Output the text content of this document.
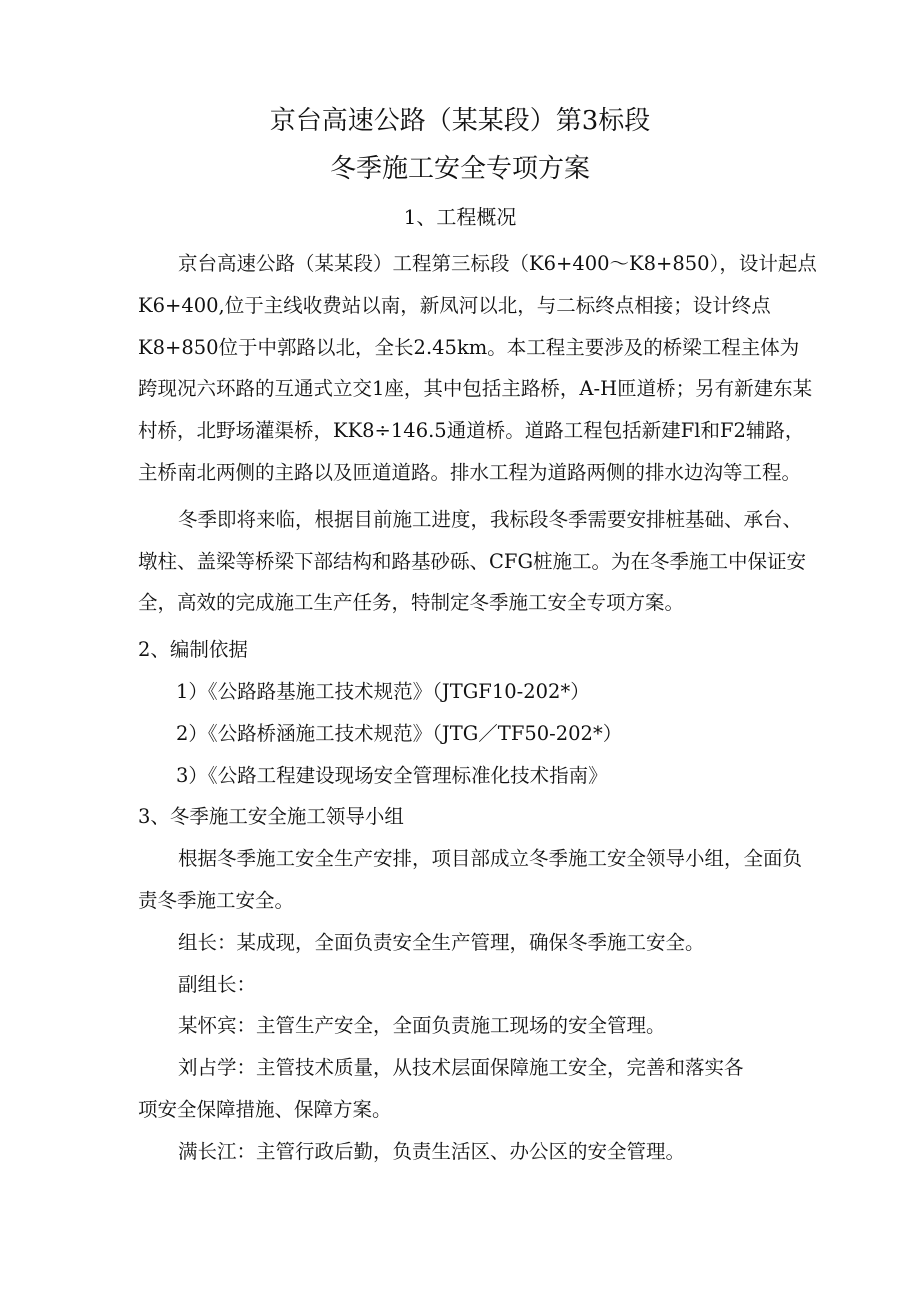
京台高速公路（某某段）第3标段
冬季施工安全专项方案
1、工程概况

京台高速公路（某某段）工程第三标段（K6+400～K8+850），设计起点K6+400,位于主线收费站以南，新凤河以北，与二标终点相接；设计终点K8+850位于中郭路以北，全长2.45km。本工程主要涉及的桥梁工程主体为跨现况六环路的互通式立交1座，其中包括主路桥，A-H匝道桥；另有新建东某村桥，北野场灌渠桥，KK8÷146.5通道桥。道路工程包括新建Fl和F2辅路，主桥南北两侧的主路以及匝道道路。排水工程为道路两侧的排水边沟等工程。

冬季即将来临，根据目前施工进度，我标段冬季需要安排桩基础、承台、墩柱、盖梁等桥梁下部结构和路基砂砾、CFG桩施工。为在冬季施工中保证安全，高效的完成施工生产任务，特制定冬季施工安全专项方案。

2、编制依据

1）《公路路基施工技术规范》（JTGF10-202*）

2）《公路桥涵施工技术规范》（JTG／TF50-202*）

3）《公路工程建设现场安全管理标准化技术指南》

3、冬季施工安全施工领导小组

根据冬季施工安全生产安排，项目部成立冬季施工安全领导小组，全面负责冬季施工安全。

组长：某成现，全面负责安全生产管理，确保冬季施工安全。

副组长：

某怀宾：主管生产安全，全面负责施工现场的安全管理。

刘占学：主管技术质量，从技术层面保障施工安全，完善和落实各

项安全保障措施、保障方案。

满长江：主管行政后勤，负责生活区、办公区的安全管理。
